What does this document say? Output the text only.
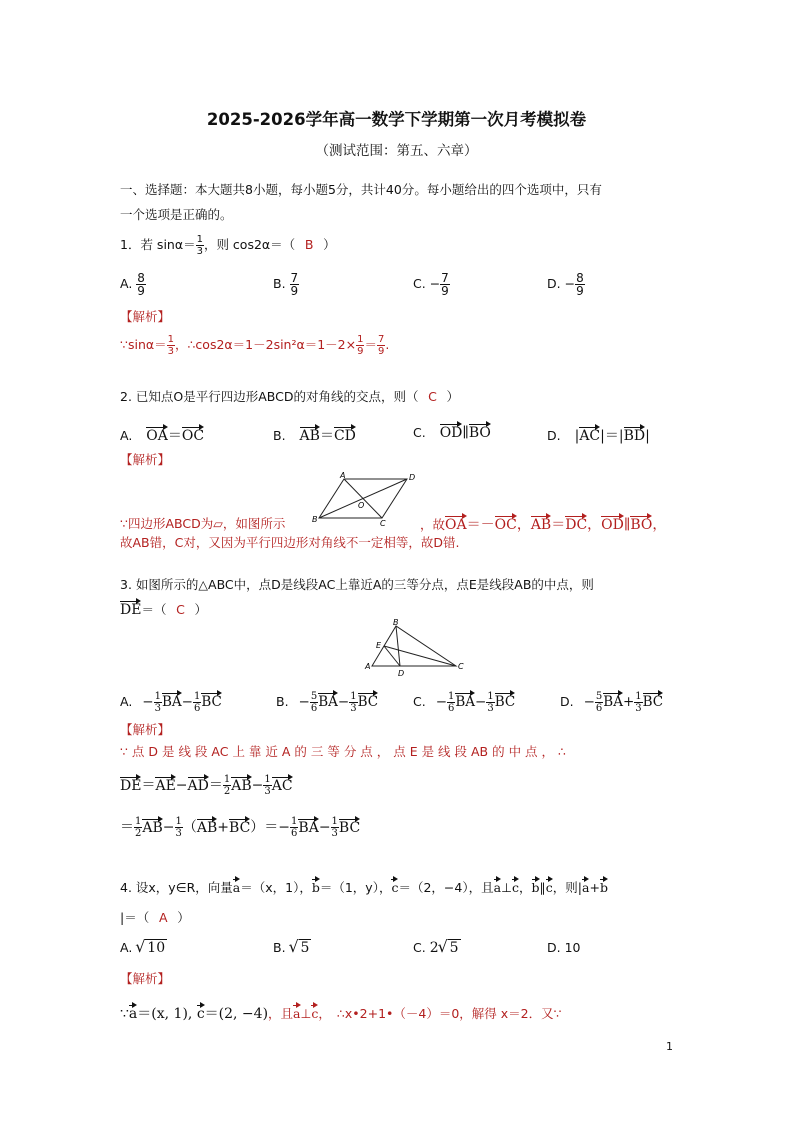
2025-2026学年高一数学下学期第一次月考模拟卷
（测试范围：第五、六章）
一、选择题：本大题共8小题，每小题5分，共计40分。每小题给出的四个选项中，只有
一个选项是正确的。
1．若 $\sin\alpha= \frac{1}{3}$ ，则 cos2α＝（ B ）
A. $\frac{8}{9}$	B. $\frac{7}{9}$	C. − $\frac{7}{9}$	D. − $\frac{8}{9}$
【解析】
∵sinα＝ $\frac{1}{3}$ ，∴cos2α＝1－2sin²α＝1－2× $\frac{1}{9} = \frac{7}{9}$ .
2. 已知点O是平行四边形ABCD的对角线的交点，则（ C ）
A. OA＝OC	B. AB＝CD	C. OD∥BO	D. |AC|＝|BD|
【解析】
A	D
B	C
O
∵四边形ABCD为▱，如图所示	，故OA＝－OC，AB＝DC，OD∥BO，
故AB错，C对，又因为平行四边形对角线不一定相等，故D错.
3. 如图所示的△ABC中，点D是线段AC上靠近A的三等分点，点E是线段AB的中点，则
DE＝（ C ）
B
A	C
D
E
A. − $\frac{1}{3} BA- \frac{1}{6}$ BC	B. − $\frac{5}{6} BA- \frac{1}{3}$ BC	C. − $\frac{1}{6} BA- \frac{1}{3}$ BC	D. − $\frac{5}{6} BA+ \frac{1}{3}$ BC
【解析】
∵ 点 D 是 线 段 AC 上 靠 近 A 的 三 等 分 点 ， 点 E 是 线 段 AB 的 中 点 ， ∴
$DE=AE-AD= \frac{1}{2} AB- \frac{1}{3}$ AC
＝ $\frac{1}{2} AB- \frac{1}{3} (AB+BC)=- \frac{1}{6} BA- \frac{1}{3}$ BC
4. 设x，y∈R，向量a＝（x，1），b＝（1，y），c＝（2，−4），且a⊥c，b∥c，则|a+b
|＝（ A ）
A. √ 10	B. √ 5	C. 2 √ 5	D. 10
【解析】
∵a＝(x, 1), c＝(2, −4)，且a⊥c， ∴x•2+1•（－4）＝0，解得 x＝2．又∵
1
